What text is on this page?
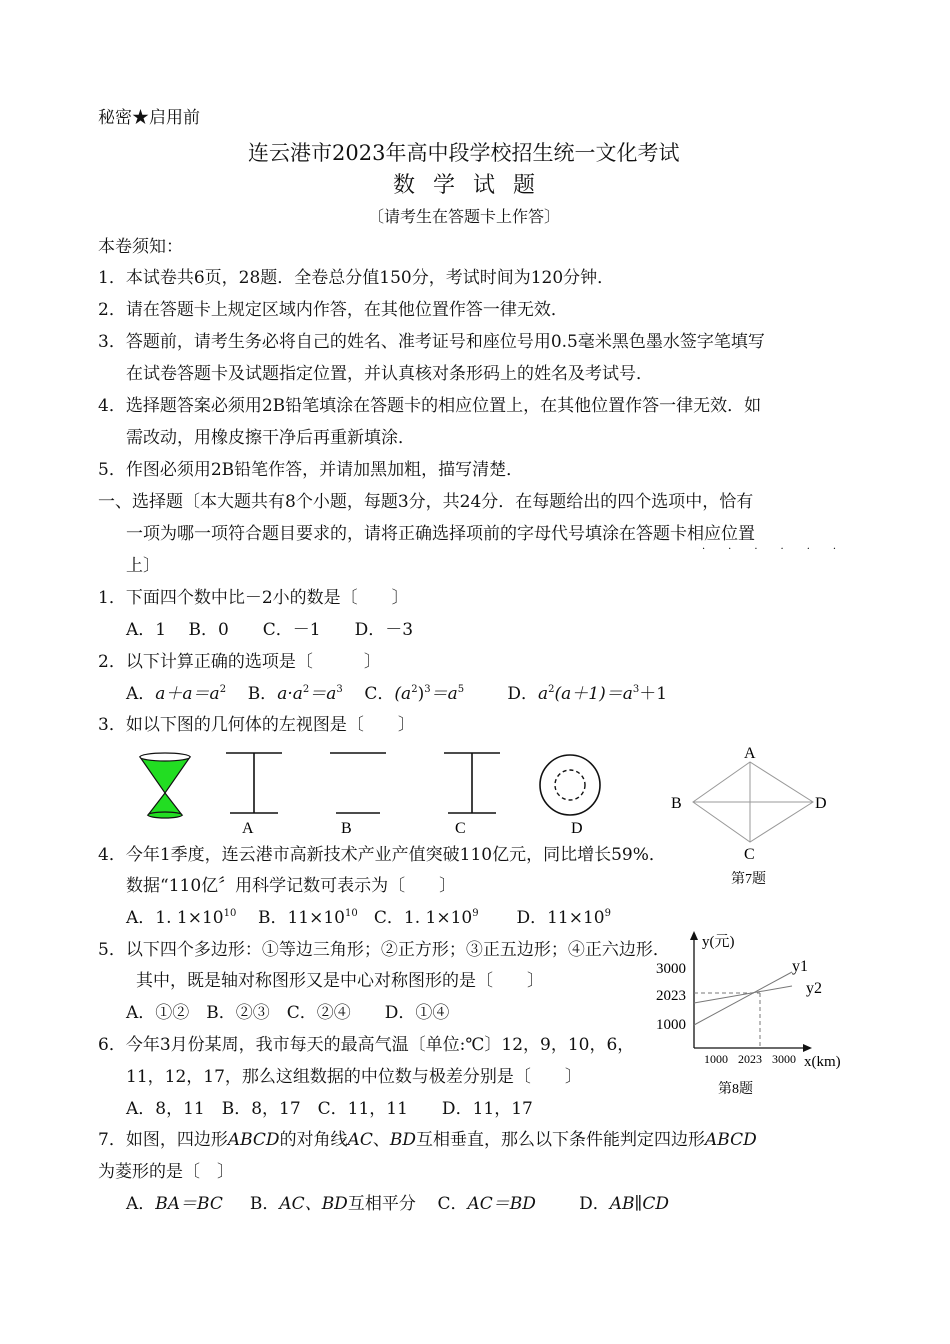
秘密★启用前
连云港市2023年高中段学校招生统一文化考试
数学试题
〔请考生在答题卡上作答〕
本卷须知：
1．本试卷共6页，28题．全卷总分值150分，考试时间为120分钟．
2．请在答题卡上规定区域内作答，在其他位置作答一律无效．
3．答题前，请考生务必将自己的姓名、准考证号和座位号用0.5毫米黑色墨水签字笔填写
在试卷答题卡及试题指定位置，并认真核对条形码上的姓名及考试号．
4．选择题答案必须用2B铅笔填涂在答题卡的相应位置上，在其他位置作答一律无效．如
需改动，用橡皮擦干净后再重新填涂．
5．作图必须用2B铅笔作答，并请加黑加粗，描写清楚．
一、选择题〔本大题共有8个小题，每题3分，共24分．在每题给出的四个选项中，恰有
一项为哪一项符合题目要求的，请将正确选择项前的字母代号填涂在答题卡相应位置
······
上〕
1．下面四个数中比－2小的数是〔　　〕
A．1　 B．0　　C．－1　　D．－3
2．以下计算正确的选项是〔　　　〕
A．$a+a=a^2$ B．$a\cdot a^2=a^3$ C．$(a^2)^3=a^5$	D．$a^2(a+1)=a^3+1$
3．如以下图的几何体的左视图是〔　　〕
A	B	C	D
A
B
C
D
第7题
4．今年1季度，连云港市高新技术产业产值突破110亿元，同比增长59%．
数据“110亿〞用科学记数可表示为〔　　〕
A．1. $1\times 10^{10}$ B．$11\times 10^{10}$ C．1. $1\times 10^9$ D．$11\times 10^9$
5．以下四个多边形：①等边三角形；②正方形；③正五边形；④正六边形．
其中，既是轴对称图形又是中心对称图形的是〔　　〕
A．①②　B．②③　C．②④　　D．①④
y(元)
3000
2023
1000
1000 2023 3000 x(km)
y1
y2
第8题
6．今年3月份某周，我市每天的最高气温〔单位:℃〕12，9，10，6，
11，12，17，那么这组数据的中位数与极差分别是〔　　〕
A．8，11　B．8，17　C．11，11　　D．11，17
7．如图，四边形ABCD的对角线AC、BD互相垂直，那么以下条件能判定四边形ABCD
为菱形的是〔　〕
A．BA＝BC B．AC、BD互相平分 C．AC＝BD	D．AB∥CD
